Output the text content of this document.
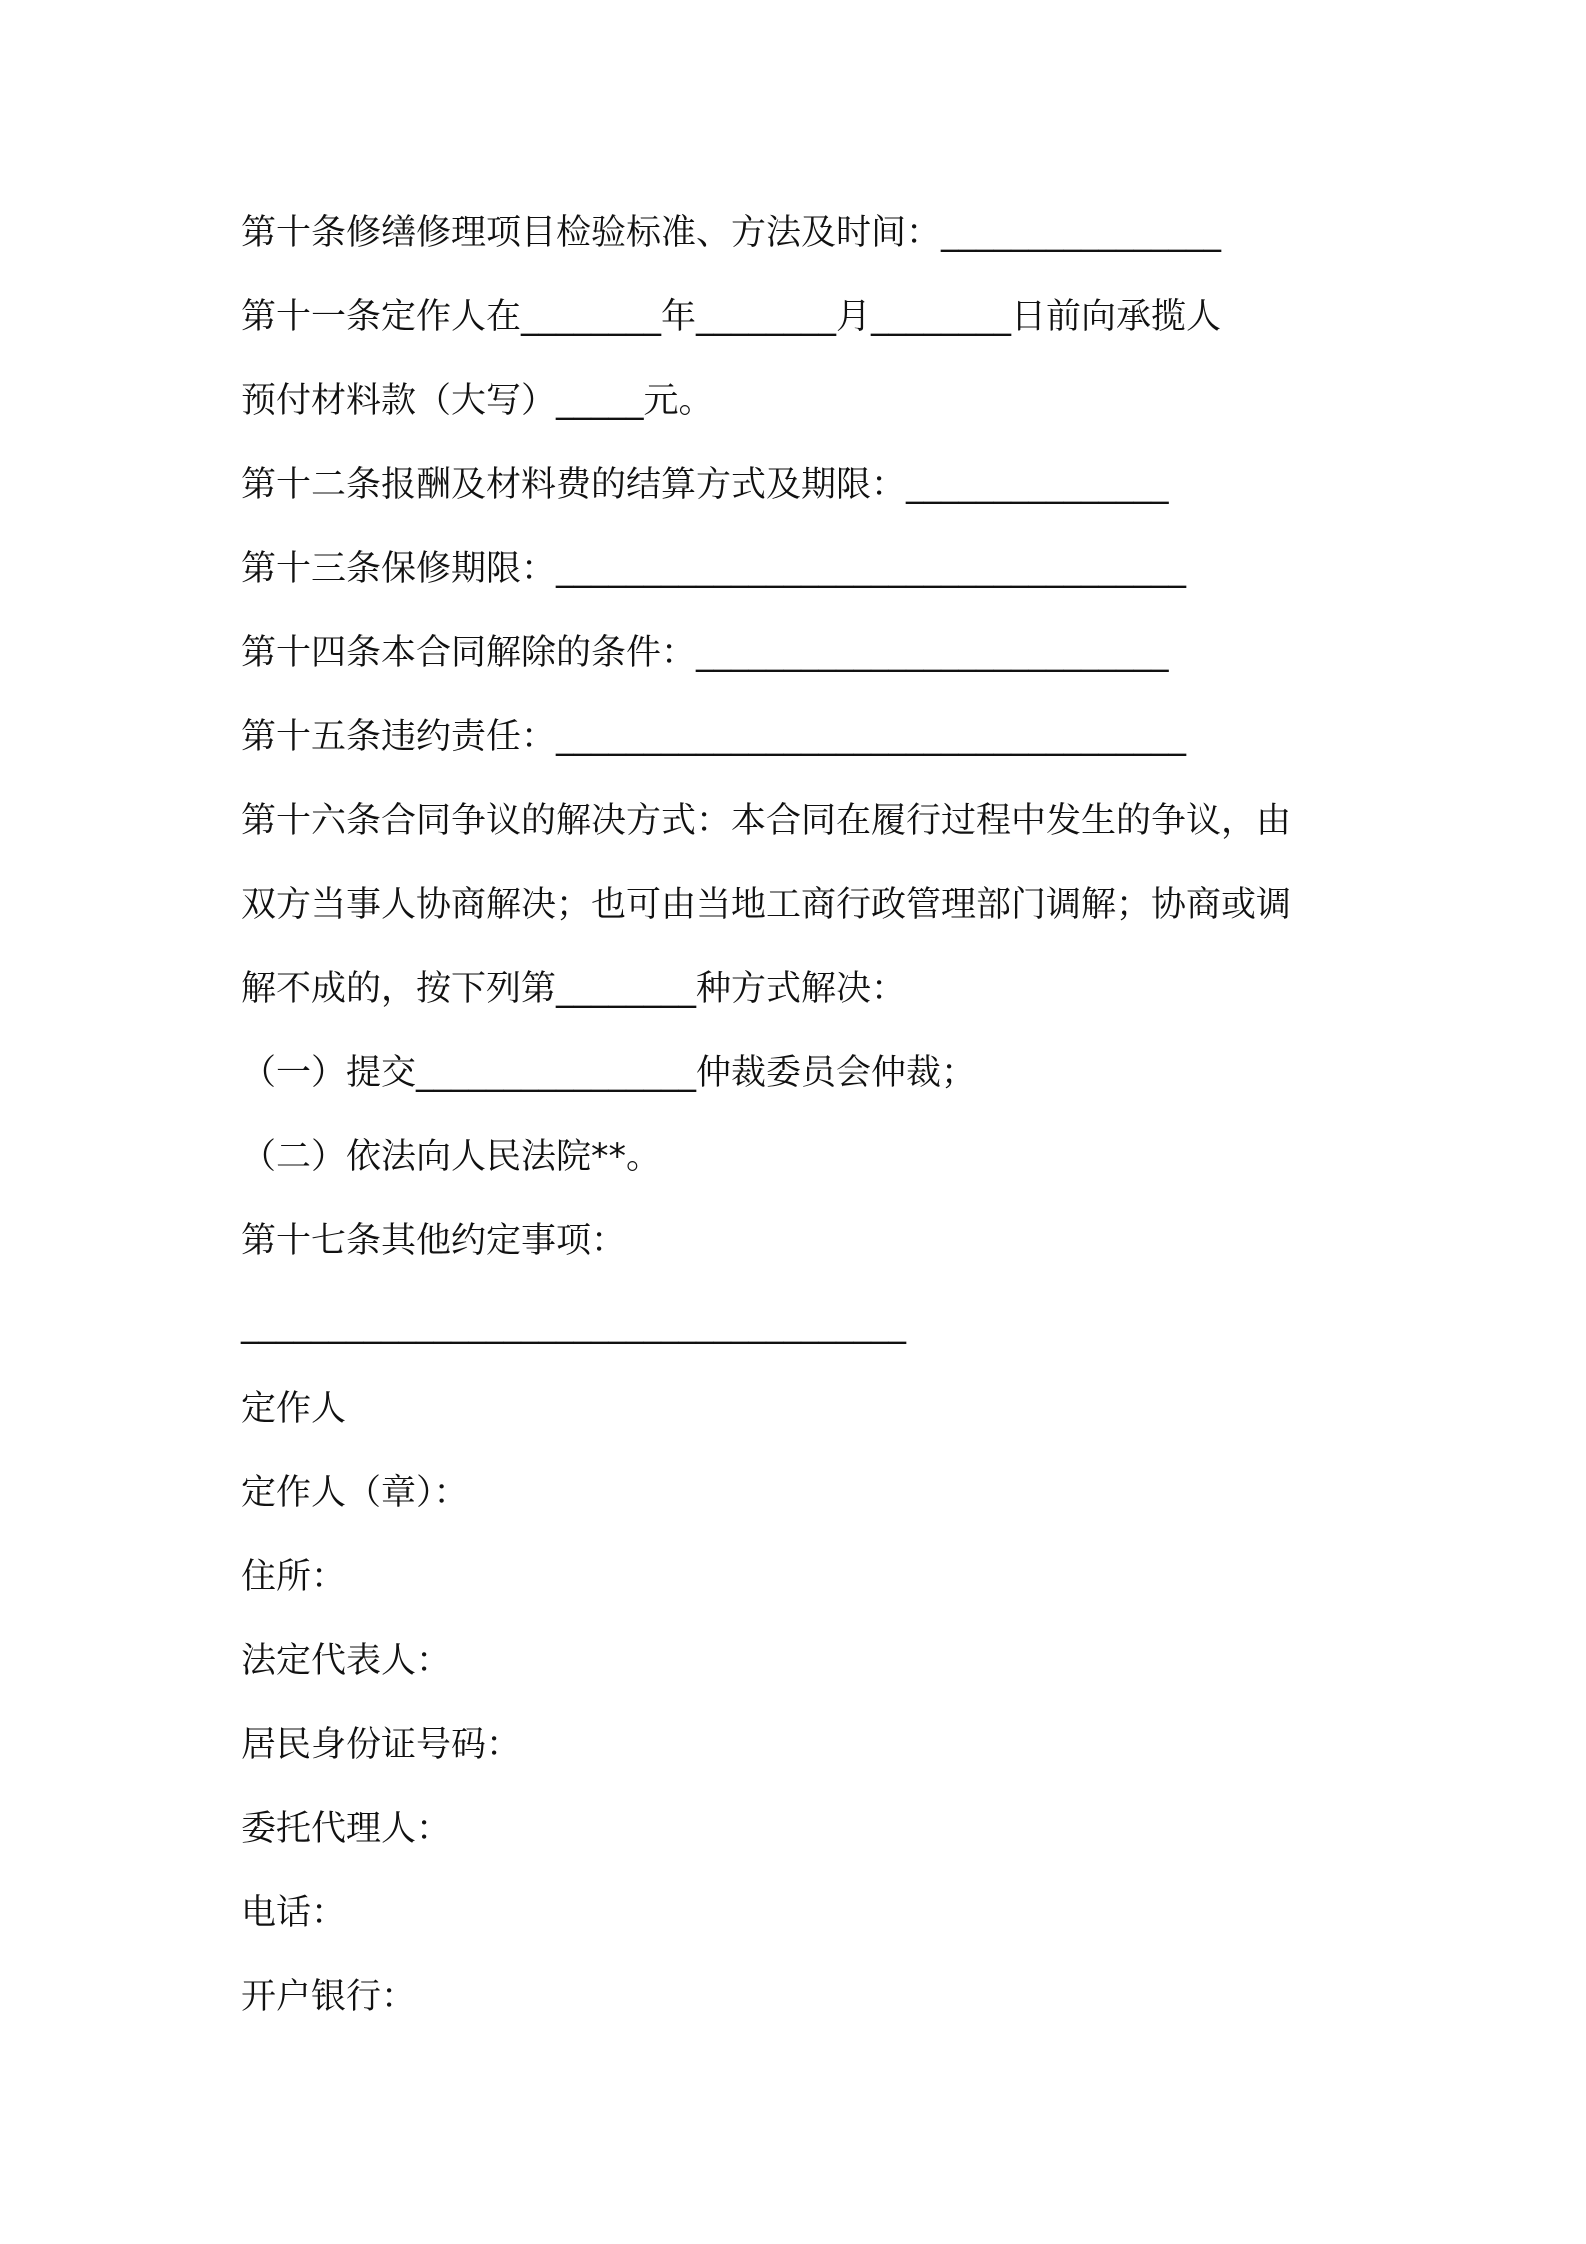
第十条修缮修理项目检验标准、方法及时间：________________
第十一条定作人在________年________月________日前向承揽人
预付材料款（大写）_____元。
第十二条报酬及材料费的结算方式及期限：_______________
第十三条保修期限：____________________________________
第十四条本合同解除的条件：___________________________
第十五条违约责任：____________________________________
第十六条合同争议的解决方式：本合同在履行过程中发生的争议，由
双方当事人协商解决；也可由当地工商行政管理部门调解；协商或调
解不成的，按下列第________种方式解决：
（一）提交________________仲裁委员会仲裁；
（二）依法向人民法院**。
第十七条其他约定事项：
______________________________________
定作人
定作人（章）：
住所：
法定代表人：
居民身份证号码：
委托代理人：
电话：
开户银行：
